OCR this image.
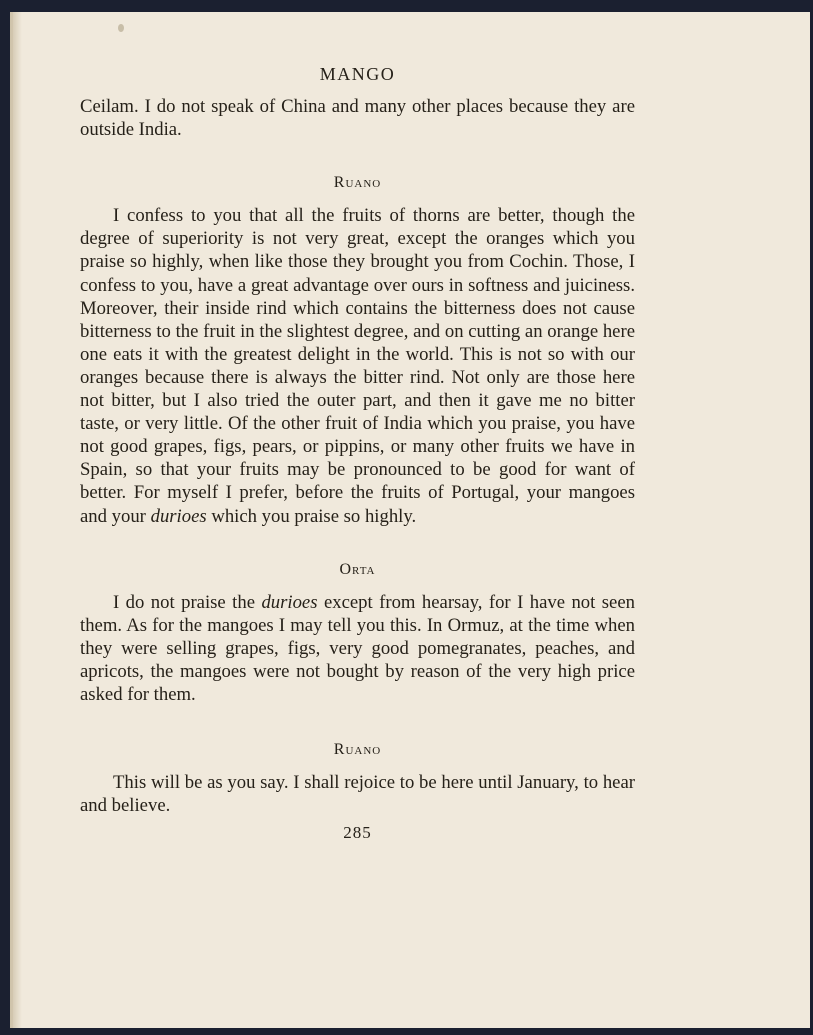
MANGO

Ceilam. I do not speak of China and many other places because they are outside India.

Ruano

I confess to you that all the fruits of thorns are better, though the degree of superiority is not very great, except the oranges which you praise so highly, when like those they brought you from Cochin. Those, I confess to you, have a great advantage over ours in softness and juiciness. Moreover, their inside rind which contains the bitterness does not cause bitterness to the fruit in the slightest degree, and on cutting an orange here one eats it with the greatest delight in the world. This is not so with our oranges because there is always the bitter rind. Not only are those here not bitter, but I also tried the outer part, and then it gave me no bitter taste, or very little. Of the other fruit of India which you praise, you have not good grapes, figs, pears, or pippins, or many other fruits we have in Spain, so that your fruits may be pronounced to be good for want of better. For myself I prefer, before the fruits of Portugal, your mangoes and your durioes which you praise so highly.

Orta

I do not praise the durioes except from hearsay, for I have not seen them. As for the mangoes I may tell you this. In Ormuz, at the time when they were selling grapes, figs, very good pomegranates, peaches, and apricots, the mangoes were not bought by reason of the very high price asked for them.

Ruano

This will be as you say. I shall rejoice to be here until January, to hear and believe.

285
